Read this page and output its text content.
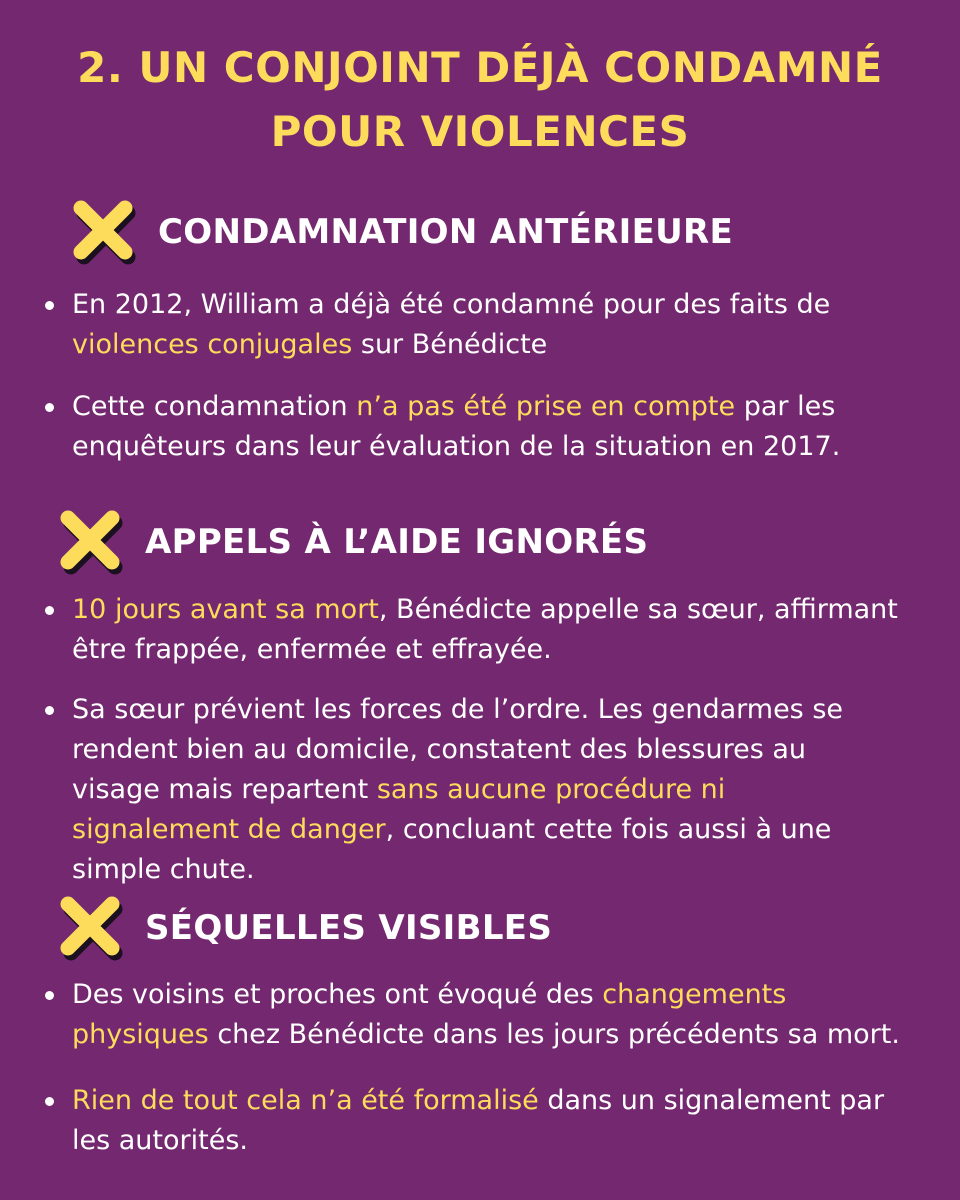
2. UN CONJOINT DÉJÀ CONDAMNÉ
POUR VIOLENCES
CONDAMNATION ANTÉRIEURE
En 2012, William a déjà été condamné pour des faits de violences conjugales sur Bénédicte
Cette condamnation n’a pas été prise en compte par les enquêteurs dans leur évaluation de la situation en 2017.
APPELS À L’AIDE IGNORÉS
10 jours avant sa mort, Bénédicte appelle sa sœur, affirmant être frappée, enfermée et effrayée.
Sa sœur prévient les forces de l’ordre. Les gendarmes se rendent bien au domicile, constatent des blessures au visage mais repartent sans aucune procédure ni signalement de danger, concluant cette fois aussi à une simple chute.
SÉQUELLES VISIBLES
Des voisins et proches ont évoqué des changements physiques chez Bénédicte dans les jours précédents sa mort.
Rien de tout cela n’a été formalisé dans un signalement par les autorités.
